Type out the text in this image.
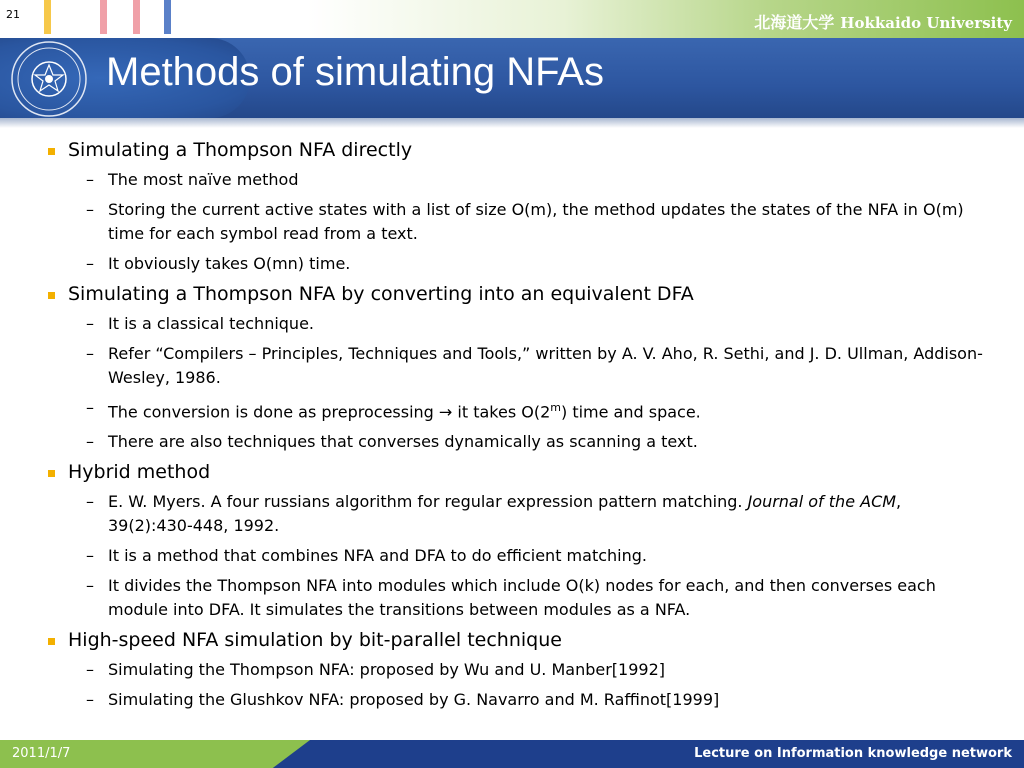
21	北海道大学 Hokkaido University
Methods of simulating NFAs
Simulating a Thompson NFA directly
– The most naïve method
– Storing the current active states with a list of size O(m), the method updates the states of the NFA in O(m) time for each symbol read from a text.
– It obviously takes O(mn) time.
Simulating a Thompson NFA by converting into an equivalent DFA
– It is a classical technique.
– Refer “Compilers – Principles, Techniques and Tools,” written by A. V. Aho, R. Sethi, and J. D. Ullman, Addison-Wesley, 1986.
– The conversion is done as preprocessing → it takes O(2$^m$) time and space.
– There are also techniques that converses dynamically as scanning a text.
Hybrid method
– E. W. Myers. A four russians algorithm for regular expression pattern matching. Journal of the ACM, 39(2):430-448, 1992.
– It is a method that combines NFA and DFA to do efficient matching.
– It divides the Thompson NFA into modules which include O(k) nodes for each, and then converses each module into DFA. It simulates the transitions between modules as a NFA.
High-speed NFA simulation by bit-parallel technique
– Simulating the Thompson NFA: proposed by Wu and U. Manber[1992]
– Simulating the Glushkov NFA: proposed by G. Navarro and M. Raffinot[1999]
2011/1/7	Lecture on Information knowledge network
